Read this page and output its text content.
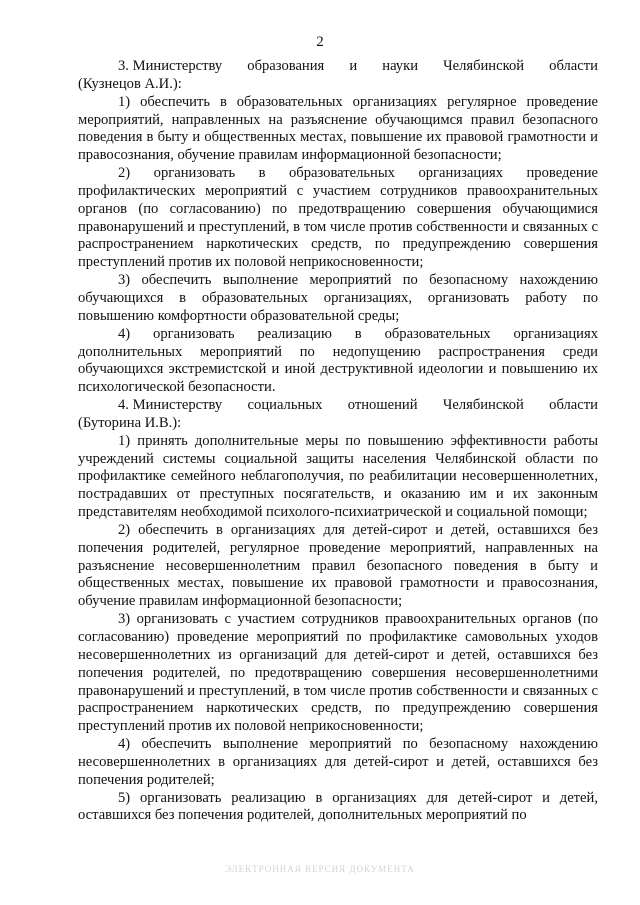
2

3. Министерству образования и науки Челябинской области

(Кузнецов А.И.):

1) обеспечить в образовательных организациях регулярное проведение мероприятий, направленных на разъяснение обучающимся правил безопасного поведения в быту и общественных местах, повышение их правовой грамотности и правосознания, обучение правилам информационной безопасности;

2) организовать в образовательных организациях проведение профилактических мероприятий с участием сотрудников правоохранительных органов (по согласованию) по предотвращению совершения обучающимися правонарушений и преступлений, в том числе против собственности и связанных с распространением наркотических средств, по предупреждению совершения преступлений против их половой неприкосновенности;

3) обеспечить выполнение мероприятий по безопасному нахождению обучающихся в образовательных организациях, организовать работу по повышению комфортности образовательной среды;

4) организовать реализацию в образовательных организациях дополнительных мероприятий по недопущению распространения среди обучающихся экстремистской и иной деструктивной идеологии и повышению их психологической безопасности.

4. Министерству социальных отношений Челябинской области

(Буторина И.В.):

1) принять дополнительные меры по повышению эффективности работы учреждений системы социальной защиты населения Челябинской области по профилактике семейного неблагополучия, по реабилитации несовершеннолетних, пострадавших от преступных посягательств, и оказанию им и их законным представителям необходимой психолого-психиатрической и социальной помощи;

2) обеспечить в организациях для детей-сирот и детей, оставшихся без попечения родителей, регулярное проведение мероприятий, направленных на разъяснение несовершеннолетним правил безопасного поведения в быту и общественных местах, повышение их правовой грамотности и правосознания, обучение правилам информационной безопасности;

3) организовать с участием сотрудников правоохранительных органов (по согласованию) проведение мероприятий по профилактике самовольных уходов несовершеннолетних из организаций для детей-сирот и детей, оставшихся без попечения родителей, по предотвращению совершения несовершеннолетними правонарушений и преступлений, в том числе против собственности и связанных с распространением наркотических средств, по предупреждению совершения преступлений против их половой неприкосновенности;

4) обеспечить выполнение мероприятий по безопасному нахождению несовершеннолетних в организациях для детей-сирот и детей, оставшихся без попечения родителей;

5) организовать реализацию в организациях для детей-сирот и детей, оставшихся без попечения родителей, дополнительных мероприятий по

ЭЛЕКТРОННАЯ ВЕРСИЯ ДОКУМЕНТА
